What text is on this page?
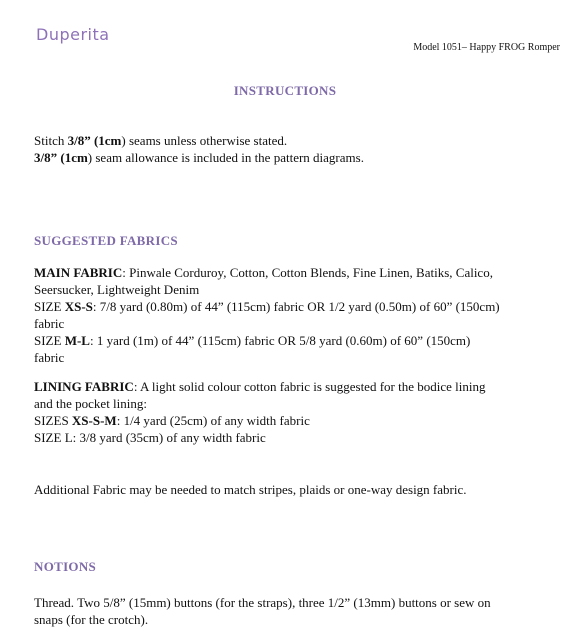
Duperita
Model 1051– Happy FROG Romper
INSTRUCTIONS
Stitch 3/8” (1cm) seams unless otherwise stated.
3/8” (1cm) seam allowance is included in the pattern diagrams.
SUGGESTED FABRICS
MAIN FABRIC: Pinwale Corduroy, Cotton, Cotton Blends, Fine Linen, Batiks, Calico,
Seersucker, Lightweight Denim
SIZE XS-S: 7/8 yard (0.80m) of 44” (115cm) fabric OR 1/2 yard (0.50m) of 60” (150cm)
fabric
SIZE M-L: 1 yard (1m) of 44” (115cm) fabric OR 5/8 yard (0.60m) of 60” (150cm)
fabric
LINING FABRIC: A light solid colour cotton fabric is suggested for the bodice lining
and the pocket lining:
SIZES XS-S-M: 1/4 yard (25cm) of any width fabric
SIZE L: 3/8 yard (35cm) of any width fabric
Additional Fabric may be needed to match stripes, plaids or one-way design fabric.
NOTIONS
Thread. Two 5/8” (15mm) buttons (for the straps), three 1/2” (13mm) buttons or sew on
snaps (for the crotch).
